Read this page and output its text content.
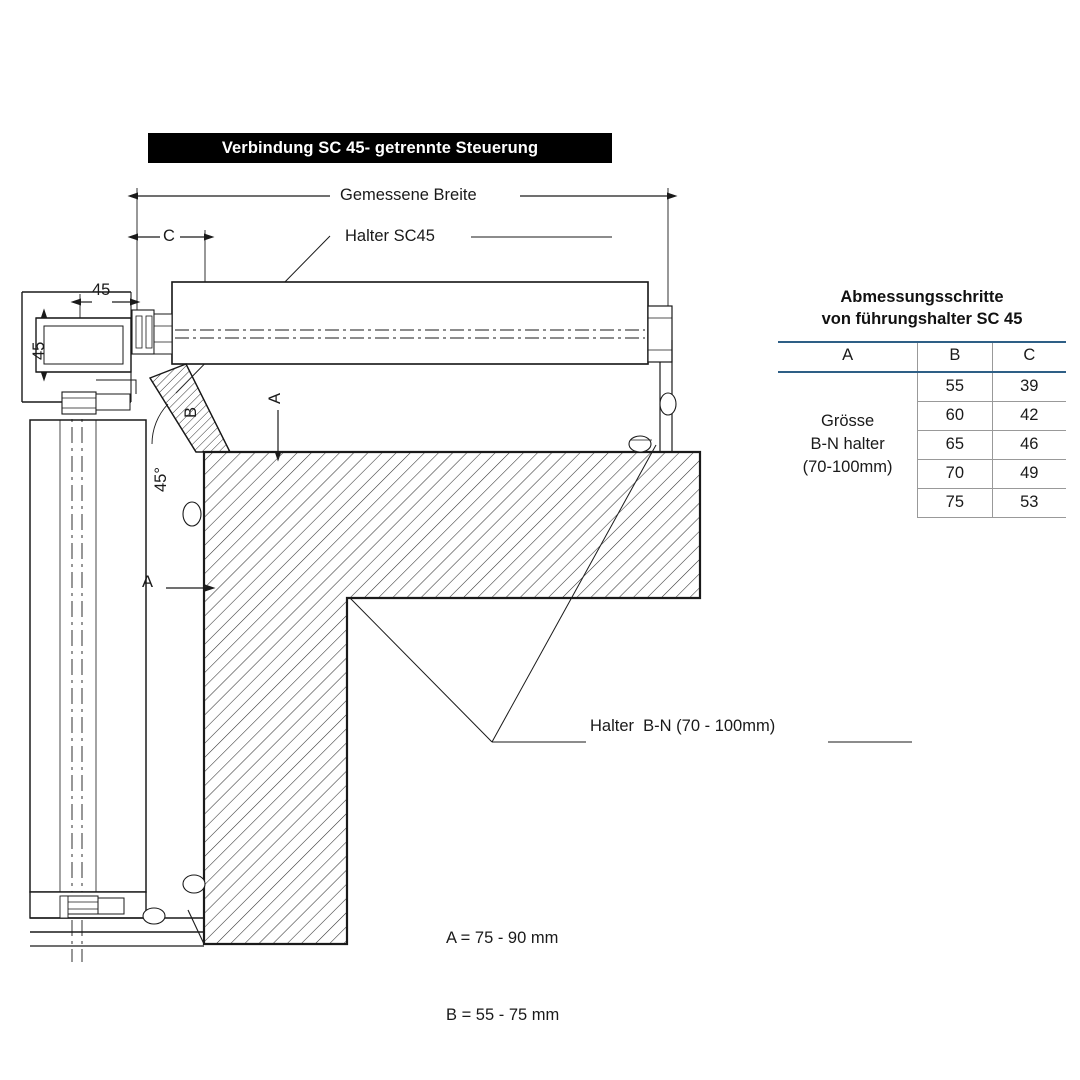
Verbindung SC 45- getrennte Steuerung
Gemessene Breite
C	Halter SC45
45
45
A
B
45°
A
Halter  B-N (70 - 100mm)

A = 75 - 90 mm

B = 55 - 75 mm

Abmessungsschritte
von führungshalter SC 45
A	B	C

Grösse
B-N halter
(70-100mm)	55	39
	60	42
	65	46
	70	49
	75	53
